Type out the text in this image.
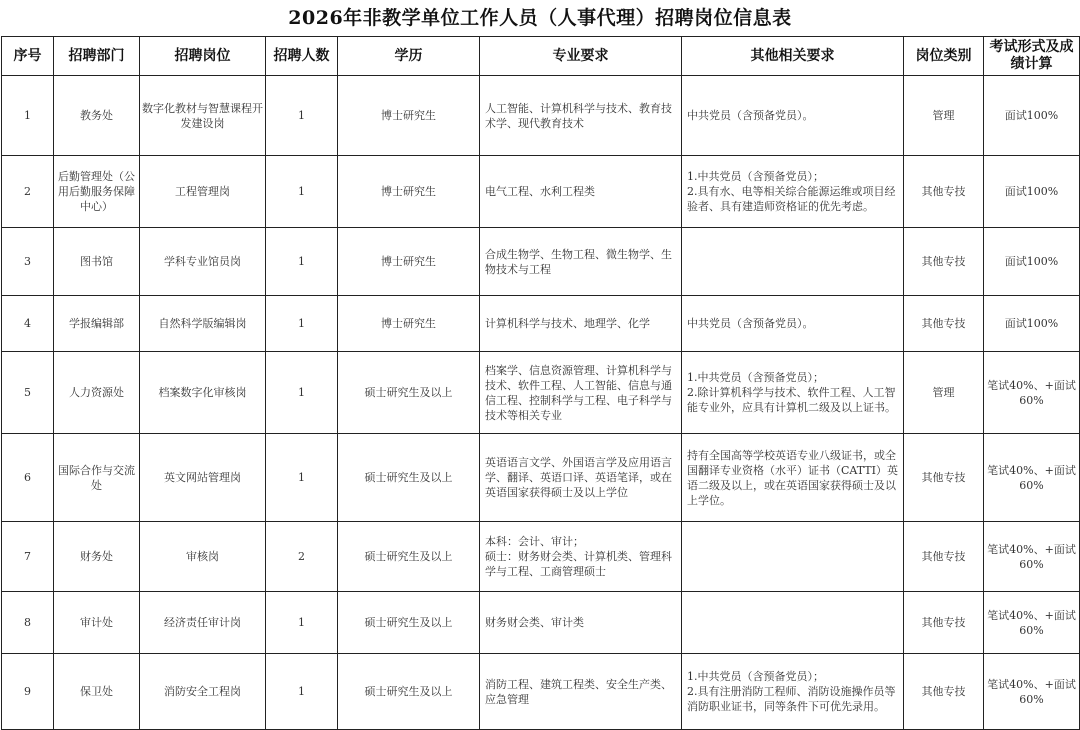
2026年非教学单位工作人员（人事代理）招聘岗位信息表
序号	招聘部门	招聘岗位	招聘人数	学历	专业要求	其他相关要求	岗位类别	考试形式及成绩计算

1	教务处	数字化教材与智慧课程开发建设岗	1	博士研究生	人工智能、计算机科学与技术、教育技术学、现代教育技术	中共党员（含预备党员）。	管理	面试100%

2	后勤管理处（公用后勤服务保障中心）	工程管理岗	1	博士研究生	电气工程、水利工程类	1.中共党员（含预备党员）；
2.具有水、电等相关综合能源运维或项目经验者、具有建造师资格证的优先考虑。	其他专技	面试100%

3	图书馆	学科专业馆员岗	1	博士研究生	合成生物学、生物工程、微生物学、生物技术与工程		其他专技	面试100%

4	学报编辑部	自然科学版编辑岗	1	博士研究生	计算机科学与技术、地理学、化学	中共党员（含预备党员）。	其他专技	面试100%

5	人力资源处	档案数字化审核岗	1	硕士研究生及以上	档案学、信息资源管理、计算机科学与技术、软件工程、人工智能、信息与通信工程、控制科学与工程、电子科学与技术等相关专业	1.中共党员（含预备党员）；
2.除计算机科学与技术、软件工程、人工智能专业外，应具有计算机二级及以上证书。	管理	笔试40%、+面试60%

6	国际合作与交流处	英文网站管理岗	1	硕士研究生及以上	英语语言文学、外国语言学及应用语言学、翻译、英语口译、英语笔译，或在英语国家获得硕士及以上学位	持有全国高等学校英语专业八级证书，或全国翻译专业资格（水平）证书（CATTI）英语二级及以上，或在英语国家获得硕士及以上学位。	其他专技	笔试40%、+面试60%

7	财务处	审核岗	2	硕士研究生及以上	本科：会计、审计；
硕士：财务财会类、计算机类、管理科学与工程、工商管理硕士		其他专技	笔试40%、+面试60%

8	审计处	经济责任审计岗	1	硕士研究生及以上	财务财会类、审计类		其他专技	笔试40%、+面试60%

9	保卫处	消防安全工程岗	1	硕士研究生及以上	消防工程、建筑工程类、安全生产类、应急管理	1.中共党员（含预备党员）；
2.具有注册消防工程师、消防设施操作员等消防职业证书，同等条件下可优先录用。	其他专技	笔试40%、+面试60%
